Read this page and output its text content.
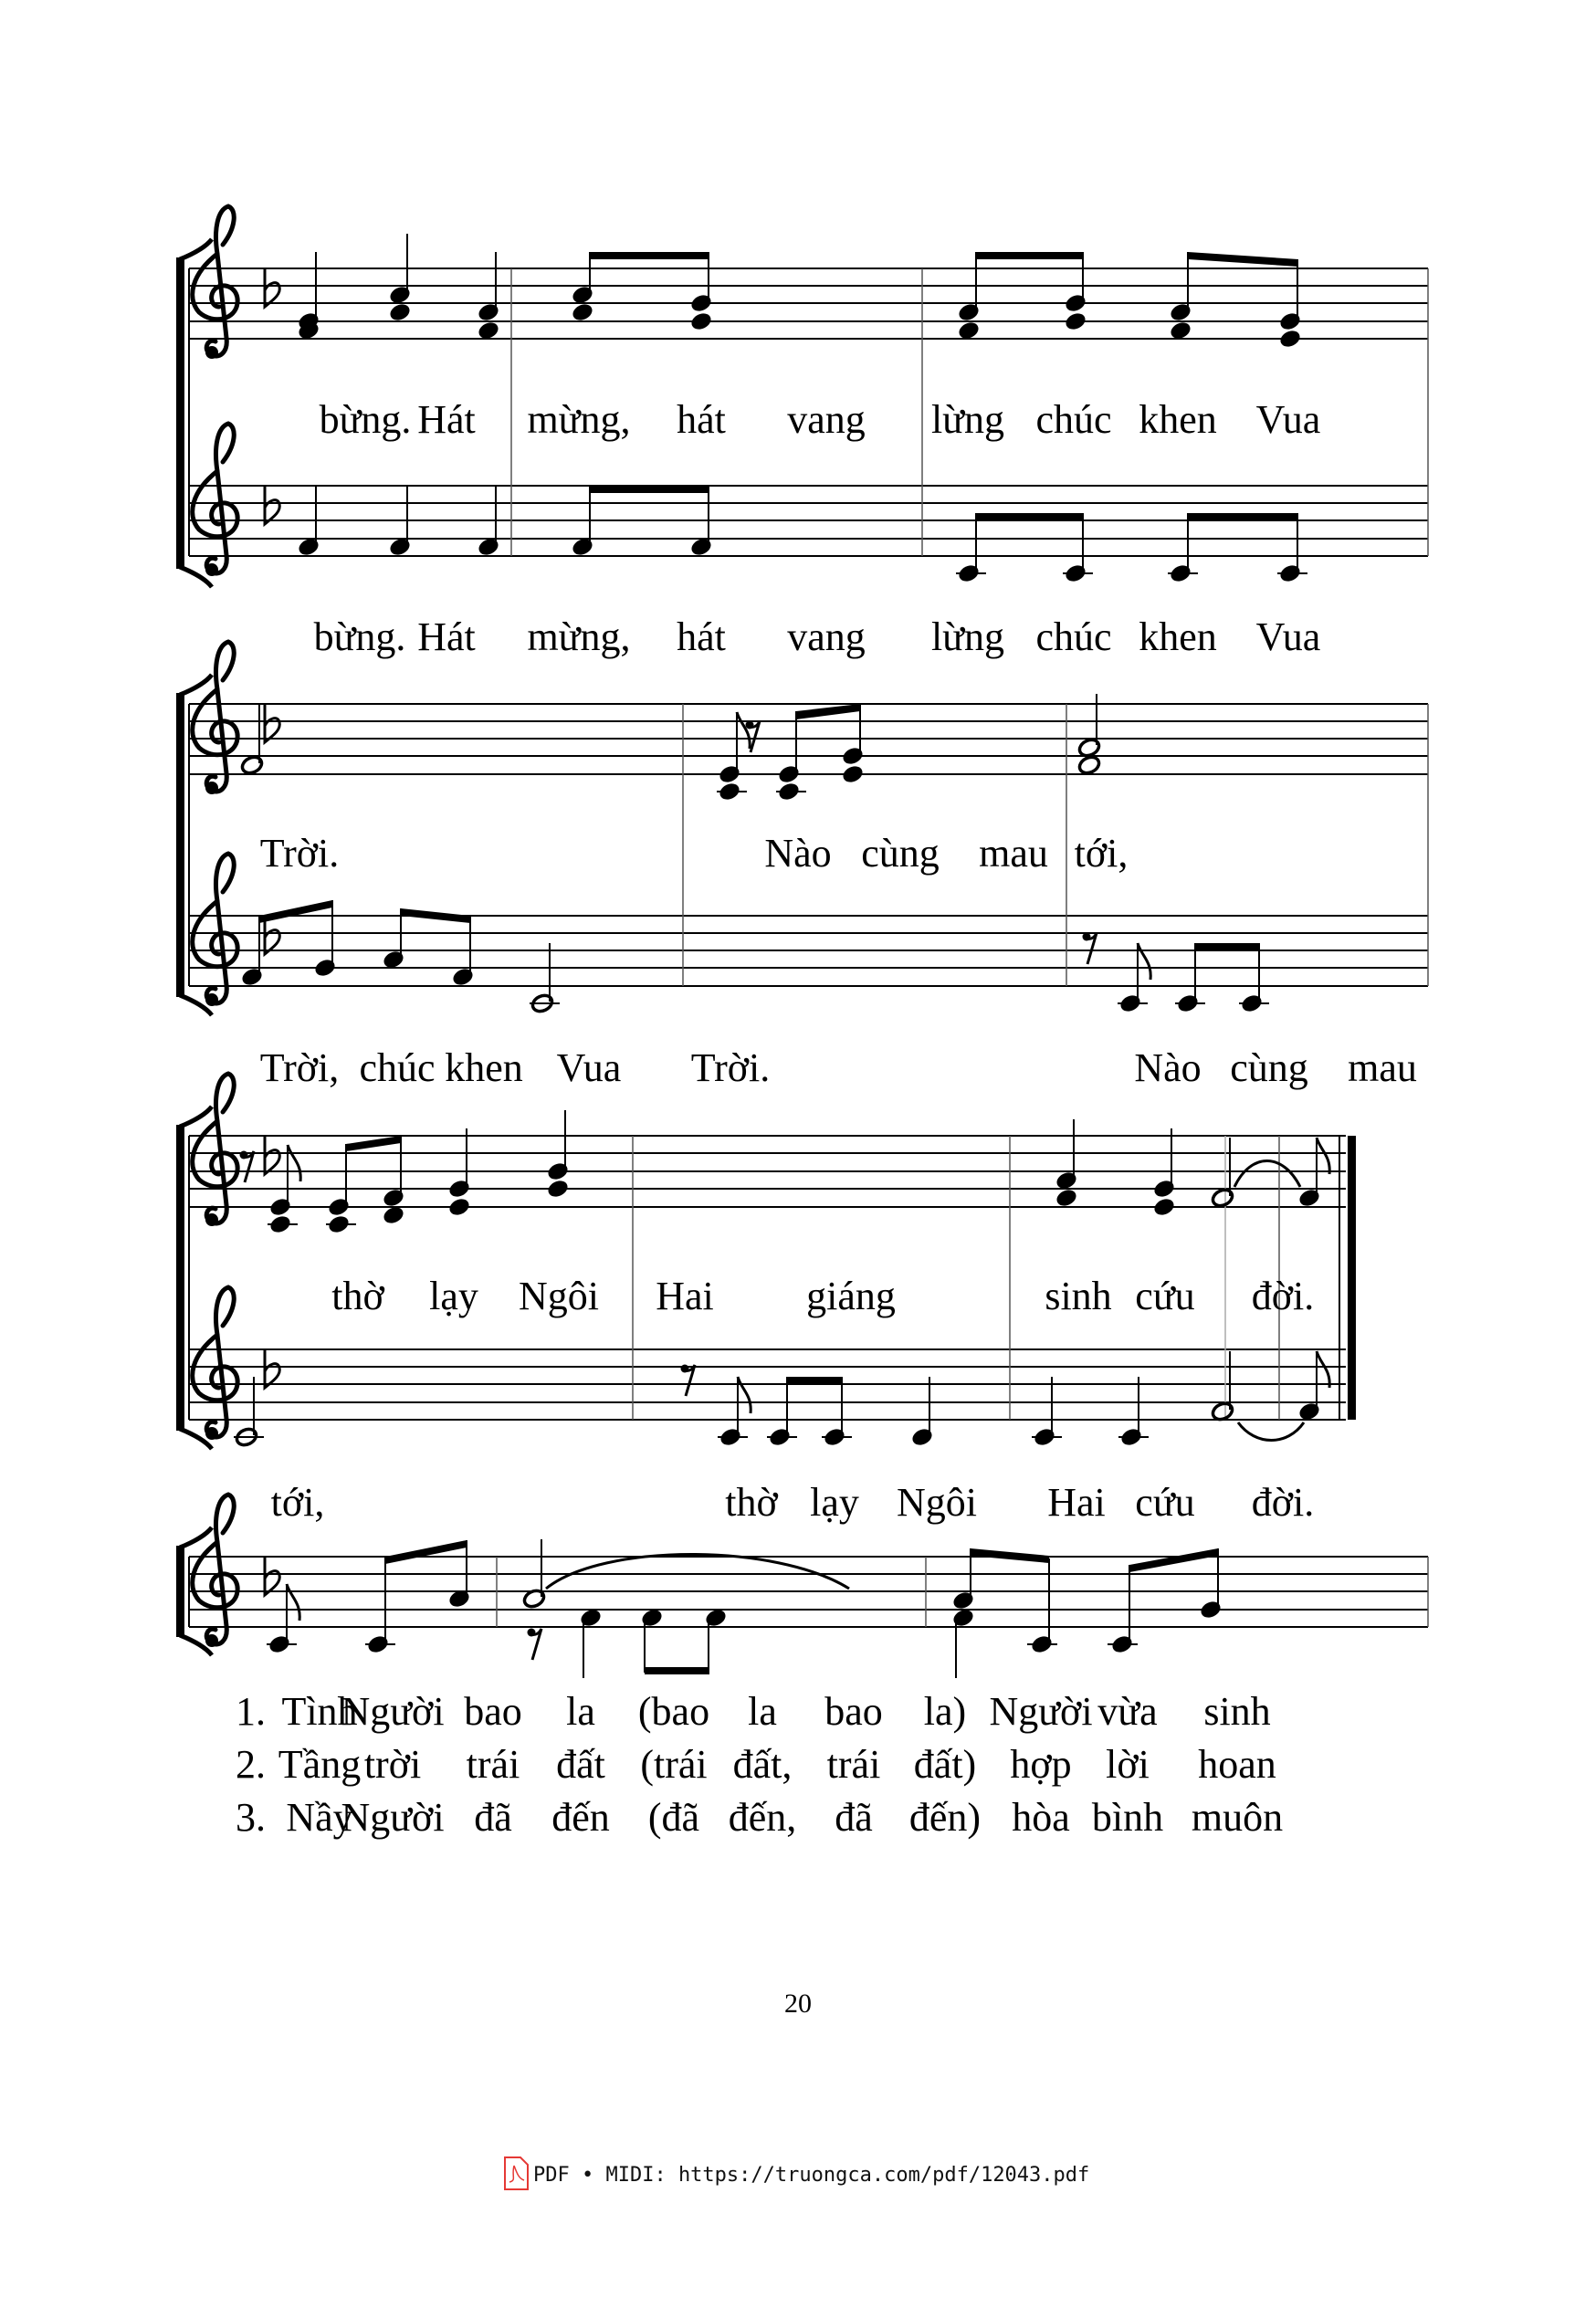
bừng. Hát mừng, hát vang lừng chúc khen Vua
bừng. Hát mừng, hát vang lừng chúc khen Vua
Trời.	Nào cùng mau tới,
Trời, chúc khen Vua Trời.	Nào cùng mau
thờ lạy Ngôi Hai giáng	sinh cứu đời.
tới,	thờ lạy Ngôi Hai cứu đời.
1. Tình
Người bao la (bao la bao la) Người vừa sinh
2. Tầng trời trái đất (trái đất, trái đất) hợp lời hoan
3. Nầy
Người đã đến (đã đến, đã đến) hòa bình muôn
20
PDF • MIDI: https://truongca.com/pdf/12043.pdf
